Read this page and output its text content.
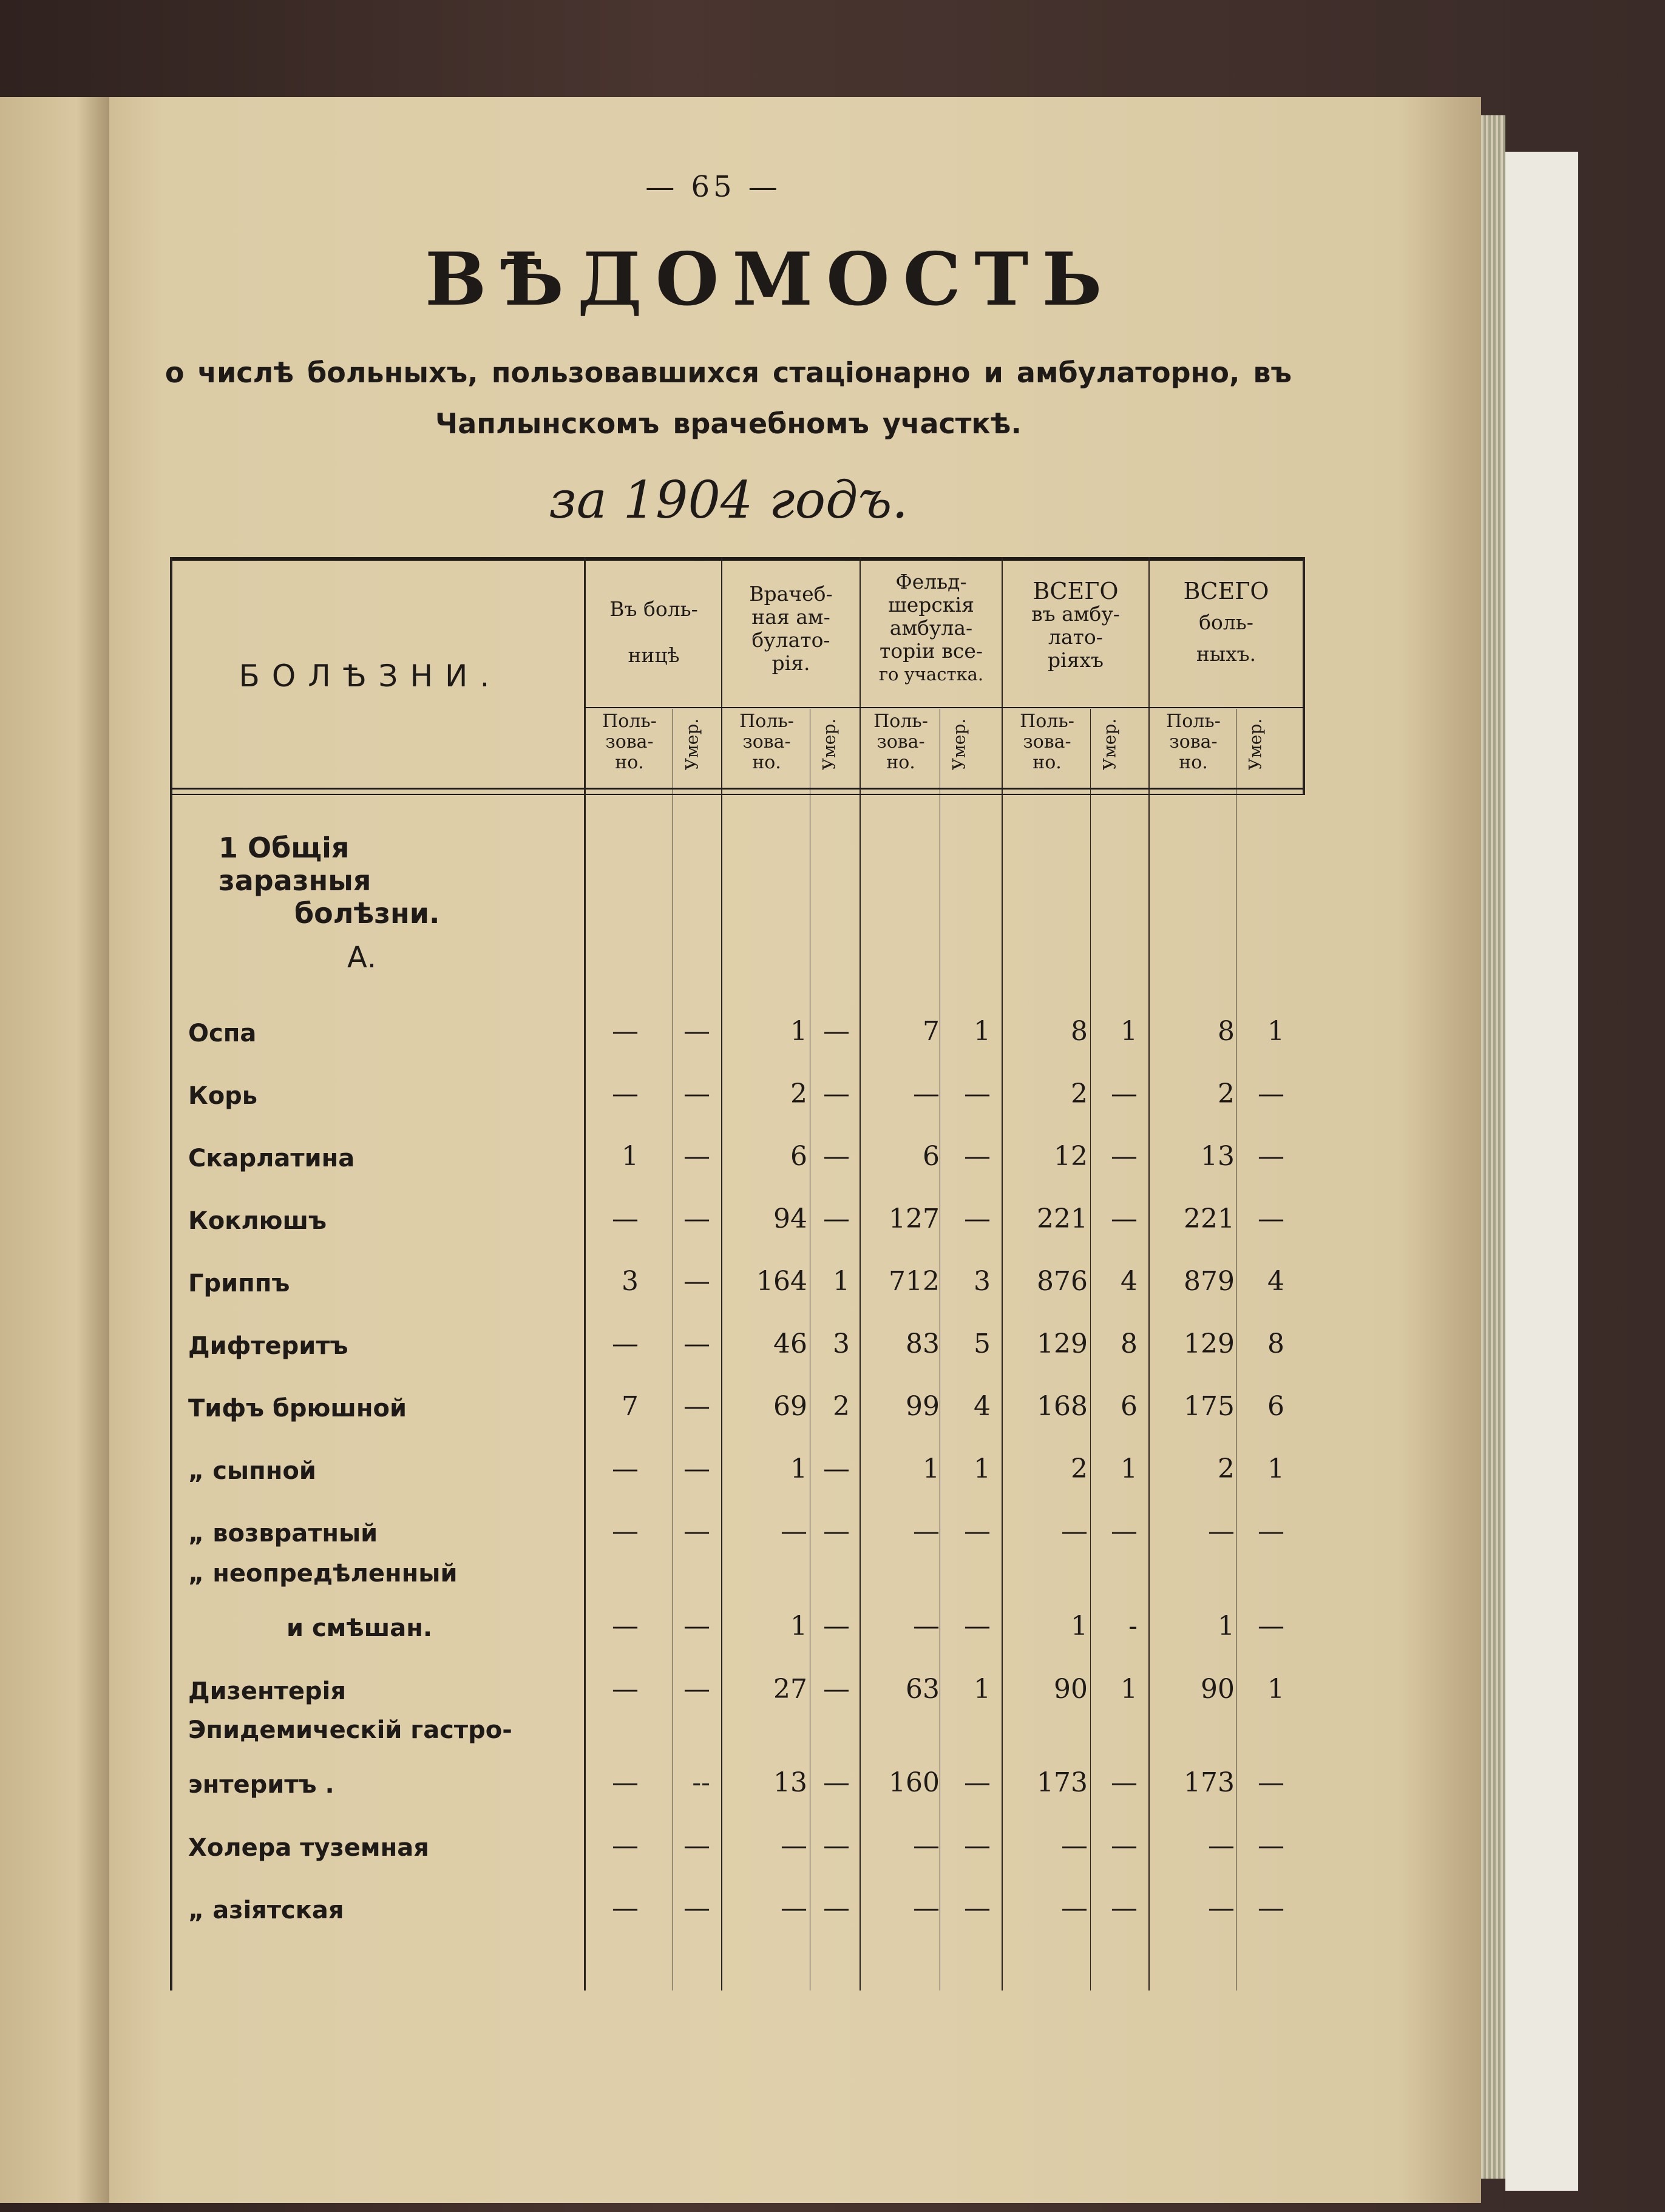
— 65 —
ВѢДОМОСТЬ
о числѣ больныхъ, пользовавшихся стаціонарно и амбулаторно, въ
Чаплынскомъ врачебномъ участкѣ.
за 1904 годъ.
БОЛѢЗНИ.
Въ боль-
ницѣ
Врачеб-
ная ам-
булато-
рія.
Фельд-
шерскія
амбула-
торіи все-
го участка.
ВСЕГО
въ амбу-
лато-
ріяхъ
ВСЕГО
боль-
ныхъ.
Поль-
зова-
но.	Умер.	Поль-
зова-
но.	Умер.	Поль-
зова-
но.	Умер.	Поль-
зова-
но.	Умер.	Поль-
зова-
но.	Умер.
1 Общія заразныя
болѣзни.
А.
Оспа	—	—	1 —	7	1	8	1	8	1
Корь	—	—	2 —	— —	2 —	2 —
Скарлатина	1	—	6 —	6 —	12 —	13 —
Коклюшъ	—	—	94 —	127 —	221 —	221 —
Гриппъ	3	—	164 1	712	3	876	4	879	4
Дифтеритъ	—	—	46 3	83	5	129	8	129	8
Тифъ брюшной	7	—	69 2	99	4	168	6	175	6
„ сыпной	—	—	1 —	1	1	2	1	2	1
„ возвратный	—	—	— —	— —	— —	— —
„ неопредѣленный
и смѣшан.	—	—	1 —	— —	1	-	1 —
Дизентерія	—	—	27 —	63	1	90	1	90	1
Эпидемическій гастро-
энтеритъ .	—	--	13 —	160 —	173 —	173 —
Холера туземная	—	—	— —	— —	— —	— —
„ азіятская	—	—	— —	— —	— —	— —
